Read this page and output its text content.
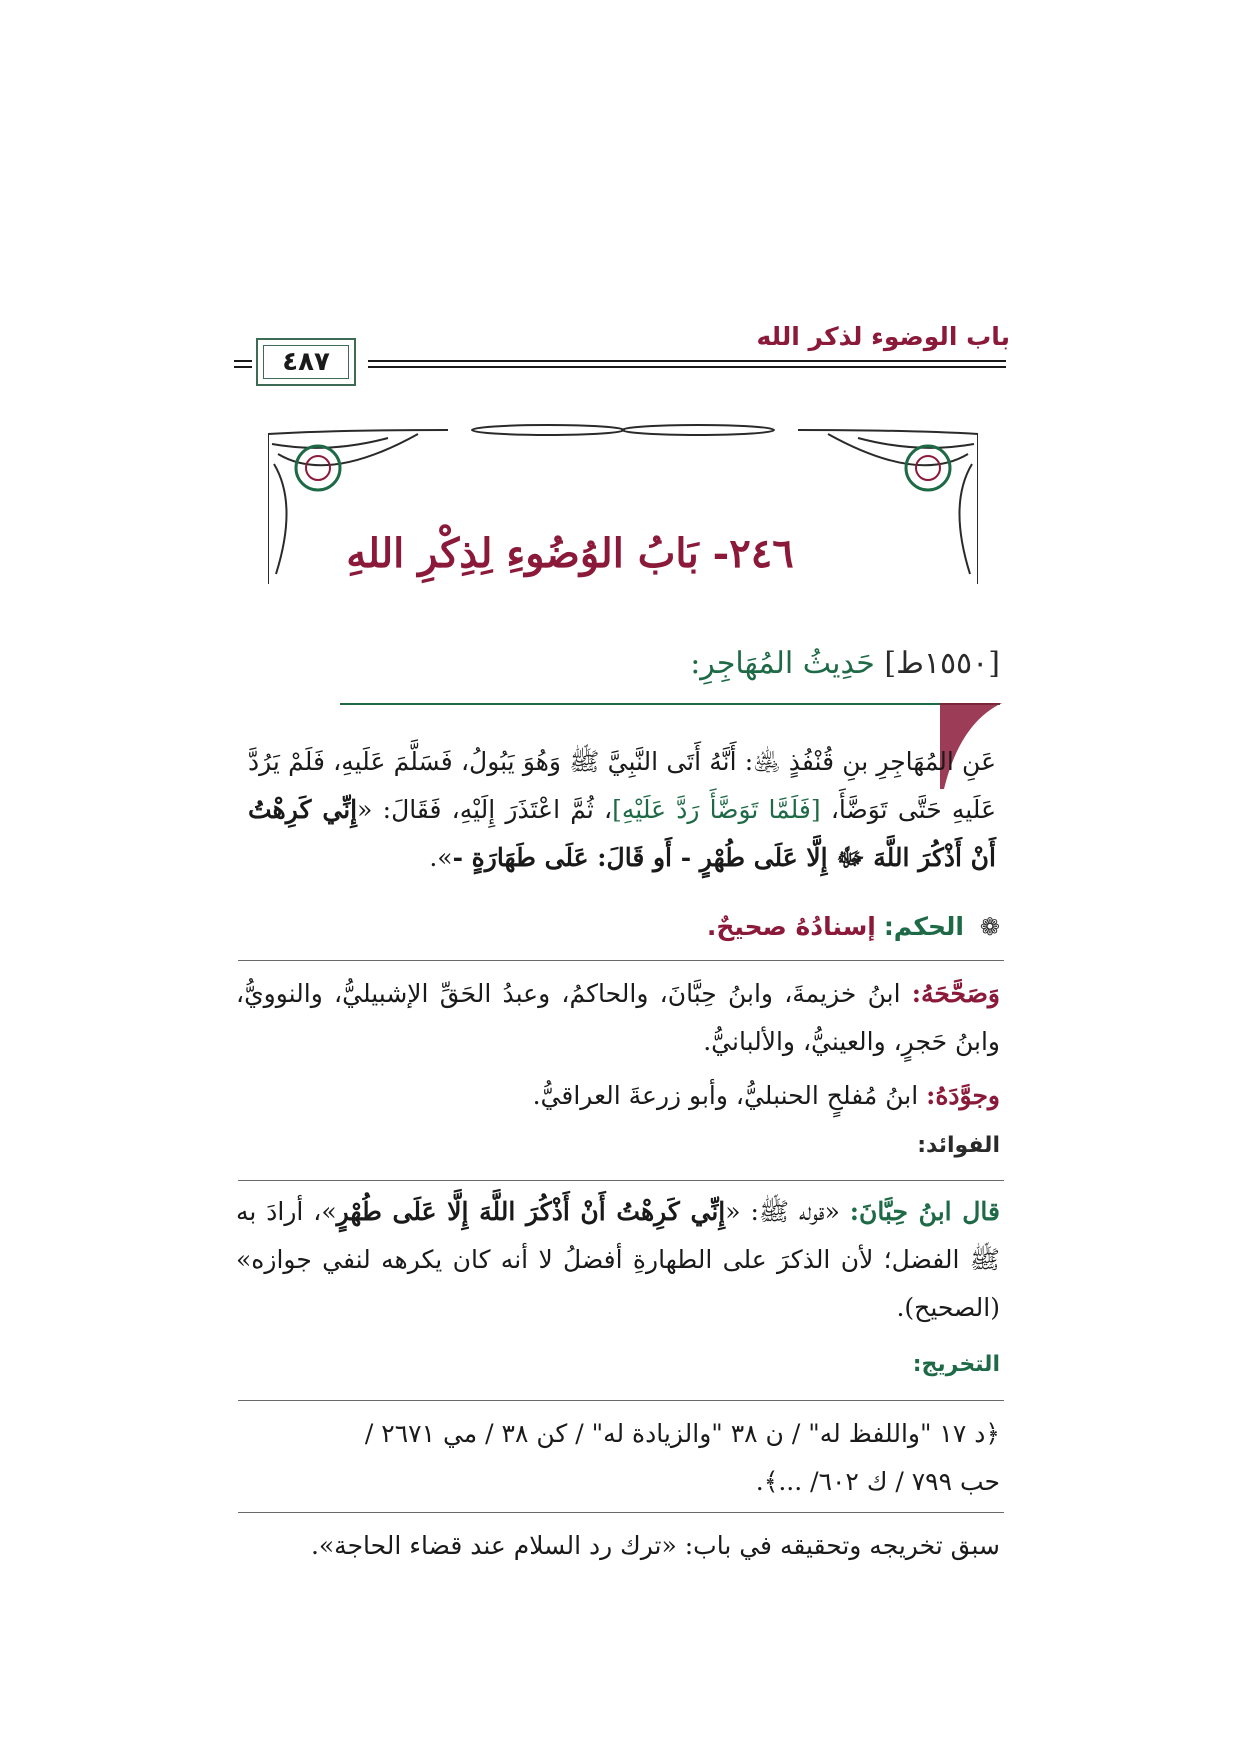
باب الوضوء لذكر الله
٤٨٧
٢٤٦- بَابُ الوُضُوءِ لِذِكْرِ اللهِ
[١٥٥٠ط] حَدِيثُ المُهَاجِرِ:
عَنِ المُهَاجِرِ بنِ قُنْفُذٍ ﵁: أَنَّهُ أَتَى النَّبِيَّ ﷺ وَهُوَ يَبُولُ، فَسَلَّمَ عَلَيهِ، فَلَمْ يَرُدَّ عَلَيهِ حَتَّى تَوَضَّأَ، [فَلَمَّا تَوَضَّأَ رَدَّ عَلَيْهِ]، ثُمَّ اعْتَذَرَ إِلَيْهِ، فَقَالَ: «إِنِّي كَرِهْتُ أَنْ أَذْكُرَ اللَّهَ ﷻ إِلَّا عَلَى طُهْرٍ - أَو قَالَ: عَلَى طَهَارَةٍ -».
❁ الحكم: إسنادُهُ صحيحٌ.
وَصَحَّحَهُ: ابنُ خزيمةَ، وابنُ حِبَّانَ، والحاكمُ، وعبدُ الحَقِّ الإشبيليُّ، والنوويُّ، وابنُ حَجرٍ، والعينيُّ، والألبانيُّ.
وجوَّدَهُ: ابنُ مُفلحٍ الحنبليُّ، وأبو زرعةَ العراقيُّ.
الفوائد:
قال ابنُ حِبَّانَ: «قوله ﷺ: «إِنِّي كَرِهْتُ أَنْ أَذْكُرَ اللَّهَ إِلَّا عَلَى طُهْرٍ»، أرادَ به ﷺ الفضل؛ لأن الذكرَ على الطهارةِ أفضلُ لا أنه كان يكرهه لنفي جوازه» (الصحيح).
التخريج:
﴿د ١٧ "واللفظ له" / ن ٣٨ "والزيادة له" / كن ٣٨ / مي ٢٦٧١ /
حب ٧٩٩ / ك ٦٠٢/ ...﴾.
سبق تخريجه وتحقيقه في باب: «ترك رد السلام عند قضاء الحاجة».
